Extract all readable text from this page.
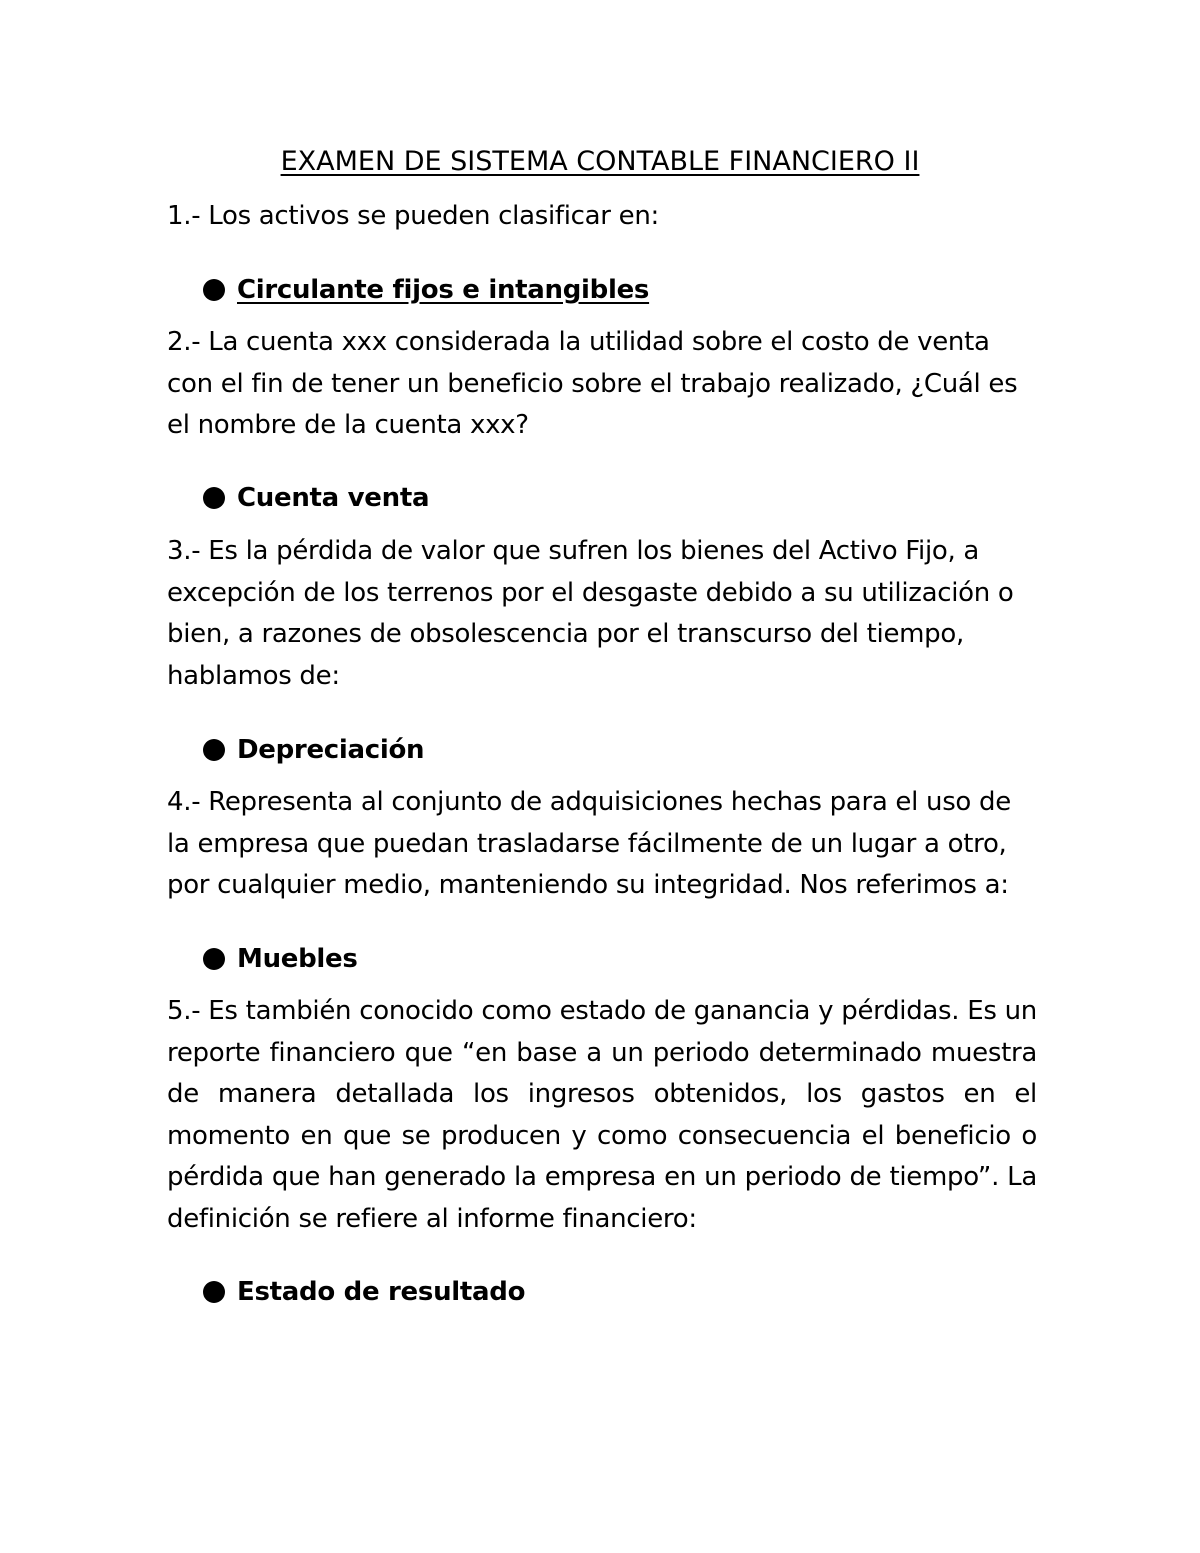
EXAMEN DE SISTEMA CONTABLE FINANCIERO II
1.- Los activos se pueden clasificar en:
Circulante fijos e intangibles
2.- La cuenta xxx considerada la utilidad sobre el costo de venta con el fin de tener un beneficio sobre el trabajo realizado, ¿Cuál es el nombre de la cuenta xxx?
Cuenta venta
3.- Es la pérdida de valor que sufren los bienes del Activo Fijo, a excepción de los terrenos por el desgaste debido a su utilización o bien, a razones de obsolescencia por el transcurso del tiempo, hablamos de:
Depreciación
4.- Representa al conjunto de adquisiciones hechas para el uso de la empresa que puedan trasladarse fácilmente de un lugar a otro, por cualquier medio, manteniendo su integridad. Nos referimos a:
Muebles
5.- Es también conocido como estado de ganancia y pérdidas. Es un reporte financiero que “en base a un periodo determinado muestra de manera detallada los ingresos obtenidos, los gastos en el momento en que se producen y como consecuencia el beneficio o pérdida que han generado la empresa en un periodo de tiempo”. La definición se refiere al informe financiero:
Estado de resultado
